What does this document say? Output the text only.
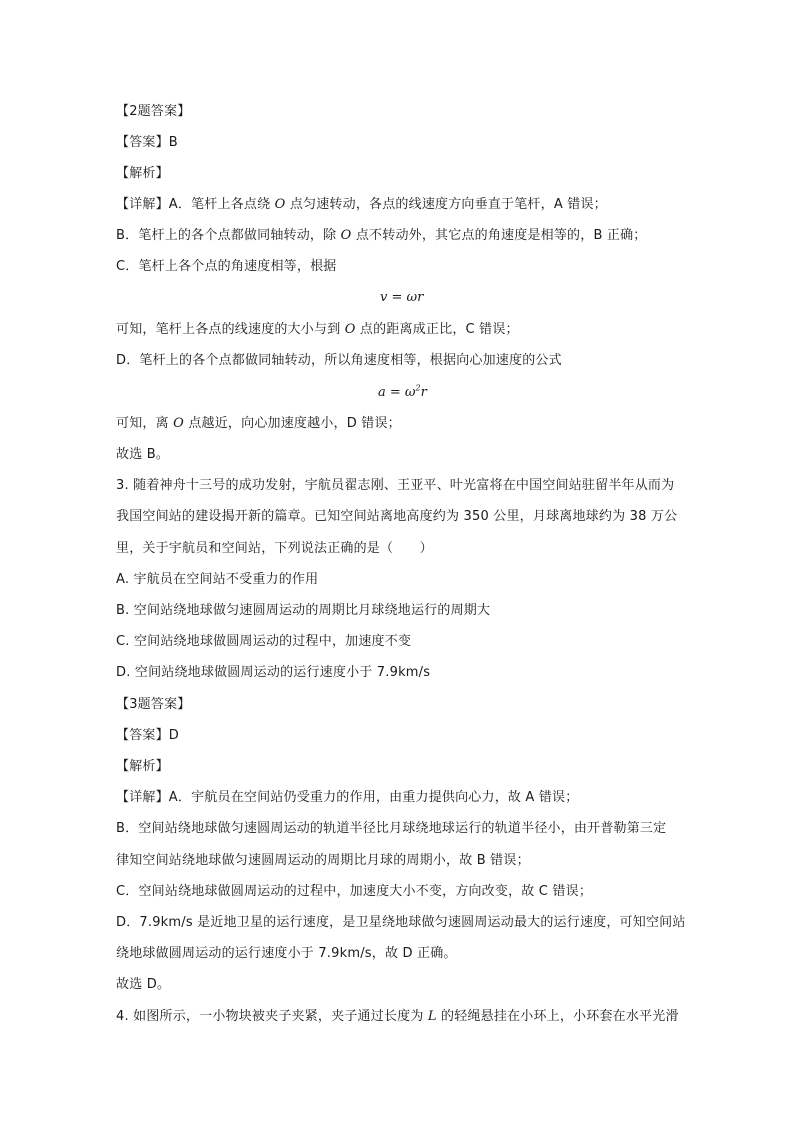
【2题答案】
【答案】B
【解析】
【详解】A．笔杆上各点绕 O 点匀速转动，各点的线速度方向垂直于笔杆，A 错误；
B．笔杆上的各个点都做同轴转动，除 O 点不转动外，其它点的角速度是相等的，B 正确；
C．笔杆上各个点的角速度相等，根据
v = ωr
可知，笔杆上各点的线速度的大小与到 O 点的距离成正比，C 错误；
D．笔杆上的各个点都做同轴转动，所以角速度相等，根据向心加速度的公式
$a = \omega^2r$
可知，离 O 点越近，向心加速度越小，D 错误；
故选 B。
3. 随着神舟十三号的成功发射，宇航员翟志刚、王亚平、叶光富将在中国空间站驻留半年从而为
我国空间站的建设揭开新的篇章。已知空间站离地高度约为 350 公里，月球离地球约为 38 万公
里，关于宇航员和空间站，下列说法正确的是（　　）
A. 宇航员在空间站不受重力的作用
B. 空间站绕地球做匀速圆周运动的周期比月球绕地运行的周期大
C. 空间站绕地球做圆周运动的过程中，加速度不变
D. 空间站绕地球做圆周运动的运行速度小于 7.9km/s
【3题答案】
【答案】D
【解析】
【详解】A．宇航员在空间站仍受重力的作用，由重力提供向心力，故 A 错误；
B．空间站绕地球做匀速圆周运动的轨道半径比月球绕地球运行的轨道半径小，由开普勒第三定
律知空间站绕地球做匀速圆周运动的周期比月球的周期小，故 B 错误；
C．空间站绕地球做圆周运动的过程中，加速度大小不变，方向改变，故 C 错误；
D．7.9km/s 是近地卫星的运行速度，是卫星绕地球做匀速圆周运动最大的运行速度，可知空间站
绕地球做圆周运动的运行速度小于 7.9km/s，故 D 正确。
故选 D。
4. 如图所示，一小物块被夹子夹紧，夹子通过长度为 L 的轻绳悬挂在小环上，小环套在水平光滑
